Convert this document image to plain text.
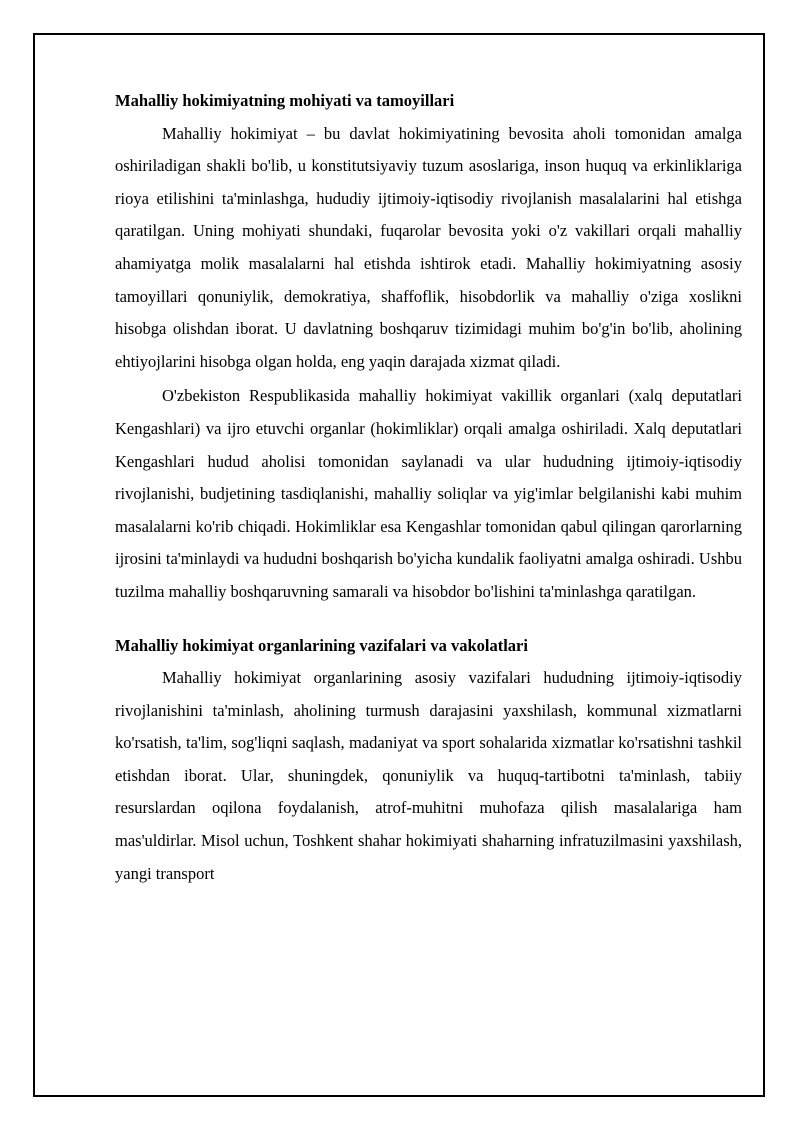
Mahalliy hokimiyatning mohiyati va tamoyillari

Mahalliy hokimiyat – bu davlat hokimiyatining bevosita aholi tomonidan amalga oshiriladigan shakli bo'lib, u konstitutsiyaviy tuzum asoslariga, inson huquq va erkinliklariga rioya etilishini ta'minlashga, hududiy ijtimoiy-iqtisodiy rivojlanish masalalarini hal etishga qaratilgan. Uning mohiyati shundaki, fuqarolar bevosita yoki o'z vakillari orqali mahalliy ahamiyatga molik masalalarni hal etishda ishtirok etadi. Mahalliy hokimiyatning asosiy tamoyillari qonuniylik, demokratiya, shaffoflik, hisobdorlik va mahalliy o'ziga xoslikni hisobga olishdan iborat. U davlatning boshqaruv tizimidagi muhim bo'g'in bo'lib, aholining ehtiyojlarini hisobga olgan holda, eng yaqin darajada xizmat qiladi.

O'zbekiston Respublikasida mahalliy hokimiyat vakillik organlari (xalq deputatlari Kengashlari) va ijro etuvchi organlar (hokimliklar) orqali amalga oshiriladi. Xalq deputatlari Kengashlari hudud aholisi tomonidan saylanadi va ular hududning ijtimoiy-iqtisodiy rivojlanishi, budjetining tasdiqlanishi, mahalliy soliqlar va yig'imlar belgilanishi kabi muhim masalalarni ko'rib chiqadi. Hokimliklar esa Kengashlar tomonidan qabul qilingan qarorlarning ijrosini ta'minlaydi va hududni boshqarish bo'yicha kundalik faoliyatni amalga oshiradi. Ushbu tuzilma mahalliy boshqaruvning samarali va hisobdor bo'lishini ta'minlashga qaratilgan.

Mahalliy hokimiyat organlarining vazifalari va vakolatlari

Mahalliy hokimiyat organlarining asosiy vazifalari hududning ijtimoiy-iqtisodiy rivojlanishini ta'minlash, aholining turmush darajasini yaxshilash, kommunal xizmatlarni ko'rsatish, ta'lim, sog'liqni saqlash, madaniyat va sport sohalarida xizmatlar ko'rsatishni tashkil etishdan iborat. Ular, shuningdek, qonuniylik va huquq-tartibotni ta'minlash, tabiiy resurslardan oqilona foydalanish, atrof-muhitni muhofaza qilish masalalariga ham mas'uldirlar. Misol uchun, Toshkent shahar hokimiyati shaharning infratuzilmasini yaxshilash, yangi transport
